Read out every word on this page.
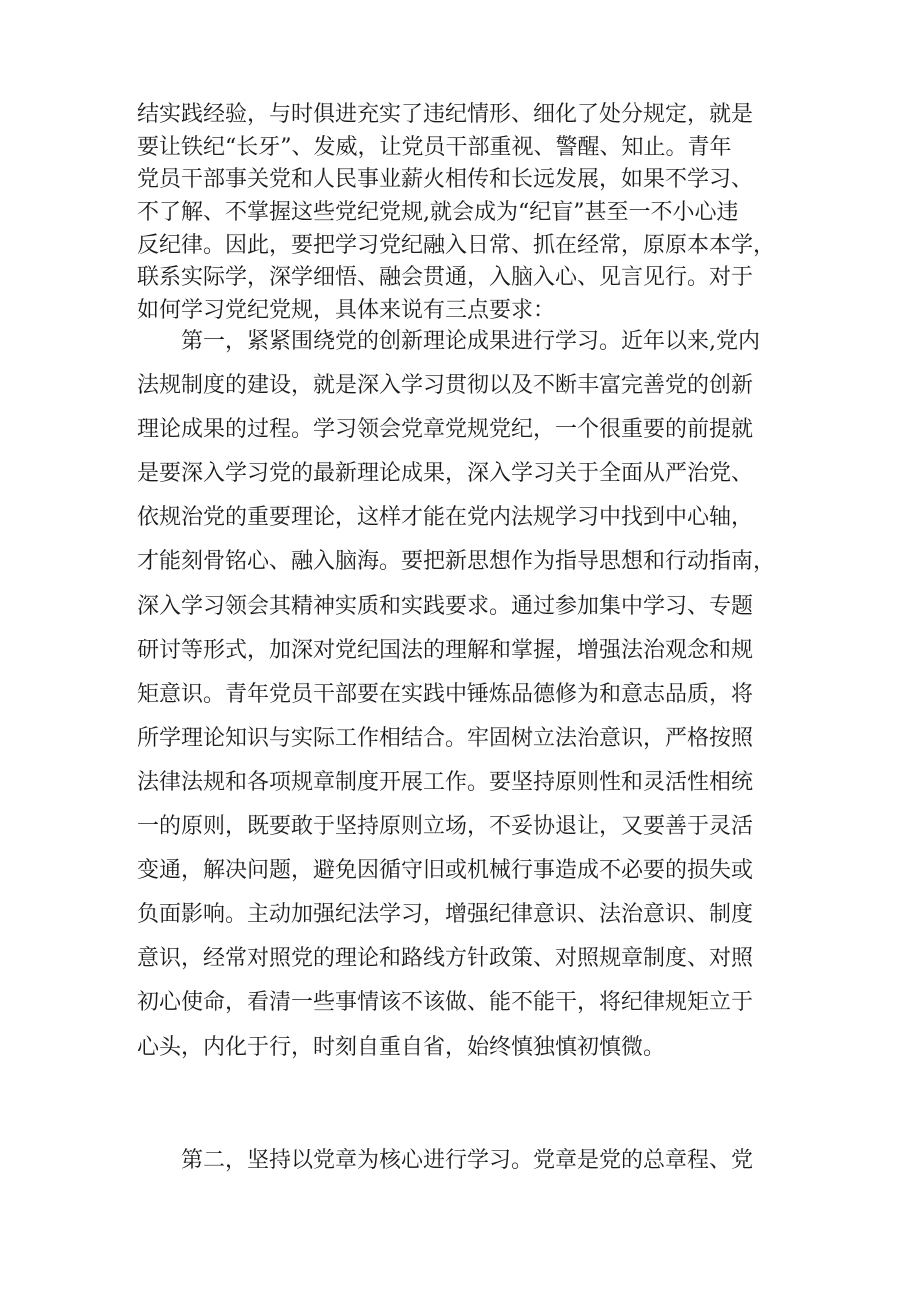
结实践经验，与时俱进充实了违纪情形、细化了处分规定，就是
要让铁纪“长牙”、发威，让党员干部重视、警醒、知止。青年
党员干部事关党和人民事业薪火相传和长远发展，如果不学习、
不了解、不掌握这些党纪党规,就会成为“纪盲”甚至一不小心违
反纪律。因此，要把学习党纪融入日常、抓在经常，原原本本学，
联系实际学，深学细悟、融会贯通，入脑入心、见言见行。对于
如何学习党纪党规，具体来说有三点要求：
第一，紧紧围绕党的创新理论成果进行学习。近年以来,党内
法规制度的建设，就是深入学习贯彻以及不断丰富完善党的创新
理论成果的过程。学习领会党章党规党纪，一个很重要的前提就
是要深入学习党的最新理论成果，深入学习关于全面从严治党、
依规治党的重要理论，这样才能在党内法规学习中找到中心轴，
才能刻骨铭心、融入脑海。要把新思想作为指导思想和行动指南，
深入学习领会其精神实质和实践要求。通过参加集中学习、专题
研讨等形式，加深对党纪国法的理解和掌握，增强法治观念和规
矩意识。青年党员干部要在实践中锤炼品德修为和意志品质，将
所学理论知识与实际工作相结合。牢固树立法治意识，严格按照
法律法规和各项规章制度开展工作。要坚持原则性和灵活性相统
一的原则，既要敢于坚持原则立场，不妥协退让，又要善于灵活
变通，解决问题，避免因循守旧或机械行事造成不必要的损失或
负面影响。主动加强纪法学习，增强纪律意识、法治意识、制度
意识，经常对照党的理论和路线方针政策、对照规章制度、对照
初心使命，看清一些事情该不该做、能不能干，将纪律规矩立于
心头，内化于行，时刻自重自省，始终慎独慎初慎微。
第二，坚持以党章为核心进行学习。党章是党的总章程、党
